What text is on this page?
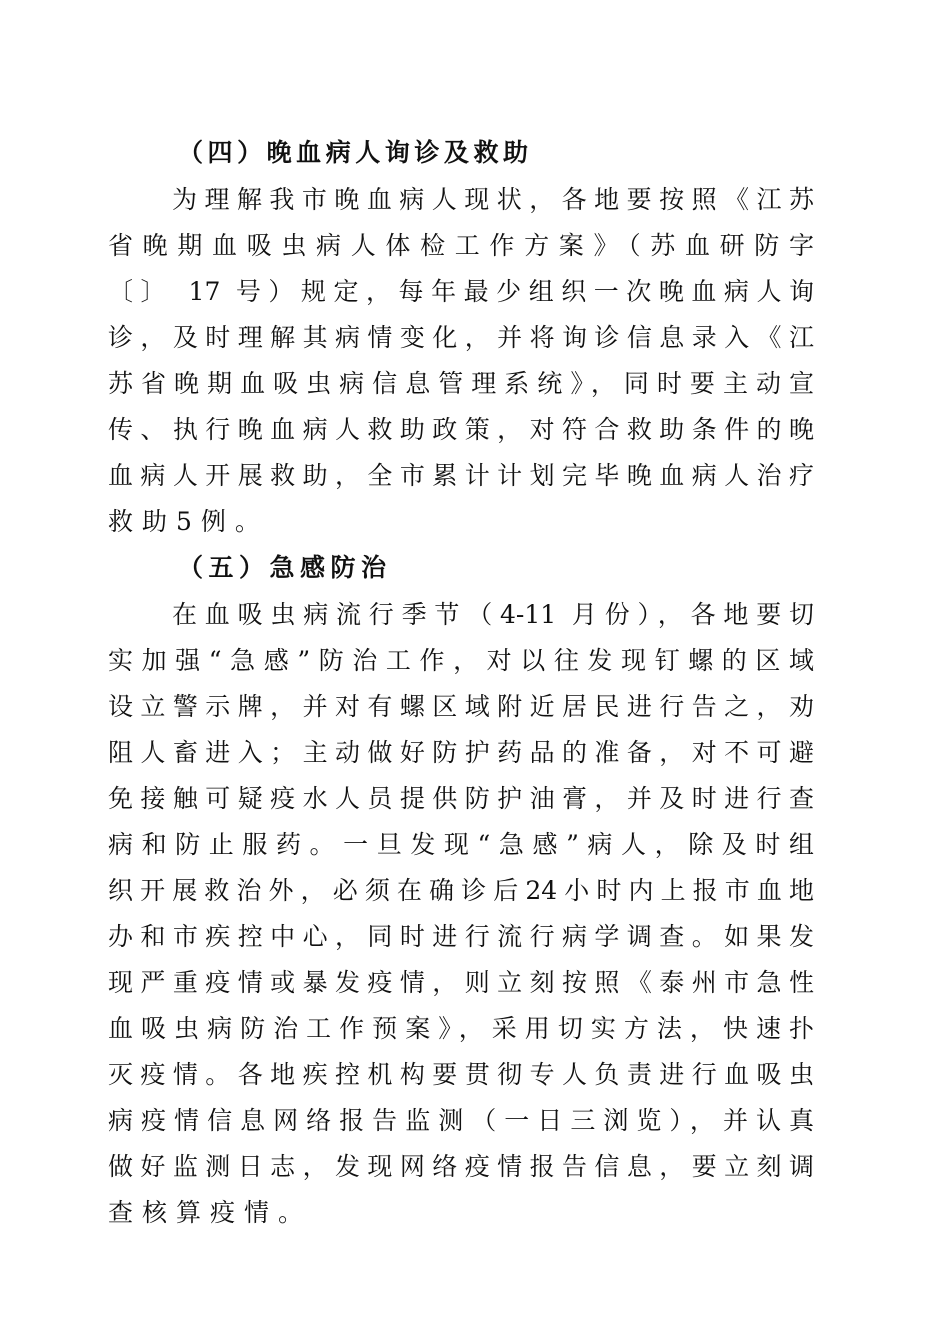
（四）晚血病人询诊及救助
为理解我市晚血病人现状，各地要按照《江苏
省晚期血吸虫病人体检工作方案》（苏血研防字
〔〕 17 号）规定，每年最少组织一次晚血病人询
诊，及时理解其病情变化，并将询诊信息录入《江
苏省晚期血吸虫病信息管理系统》，同时要主动宣
传、执行晚血病人救助政策，对符合救助条件的晚
血病人开展救助，全市累计计划完毕晚血病人治疗
救助5例。
（五）急感防治
在血吸虫病流行季节（4-11 月份），各地要切
实加强“急感”防治工作，对以往发现钉螺的区域
设立警示牌，并对有螺区域附近居民进行告之，劝
阻人畜进入；主动做好防护药品的准备，对不可避
免接触可疑疫水人员提供防护油膏，并及时进行查
病和防止服药。一旦发现“急感”病人，除及时组
织开展救治外，必须在确诊后24小时内上报市血地
办和市疾控中心，同时进行流行病学调查。如果发
现严重疫情或暴发疫情，则立刻按照《泰州市急性
血吸虫病防治工作预案》，采用切实方法，快速扑
灭疫情。各地疾控机构要贯彻专人负责进行血吸虫
病疫情信息网络报告监测（一日三浏览），并认真
做好监测日志，发现网络疫情报告信息，要立刻调
查核算疫情。
